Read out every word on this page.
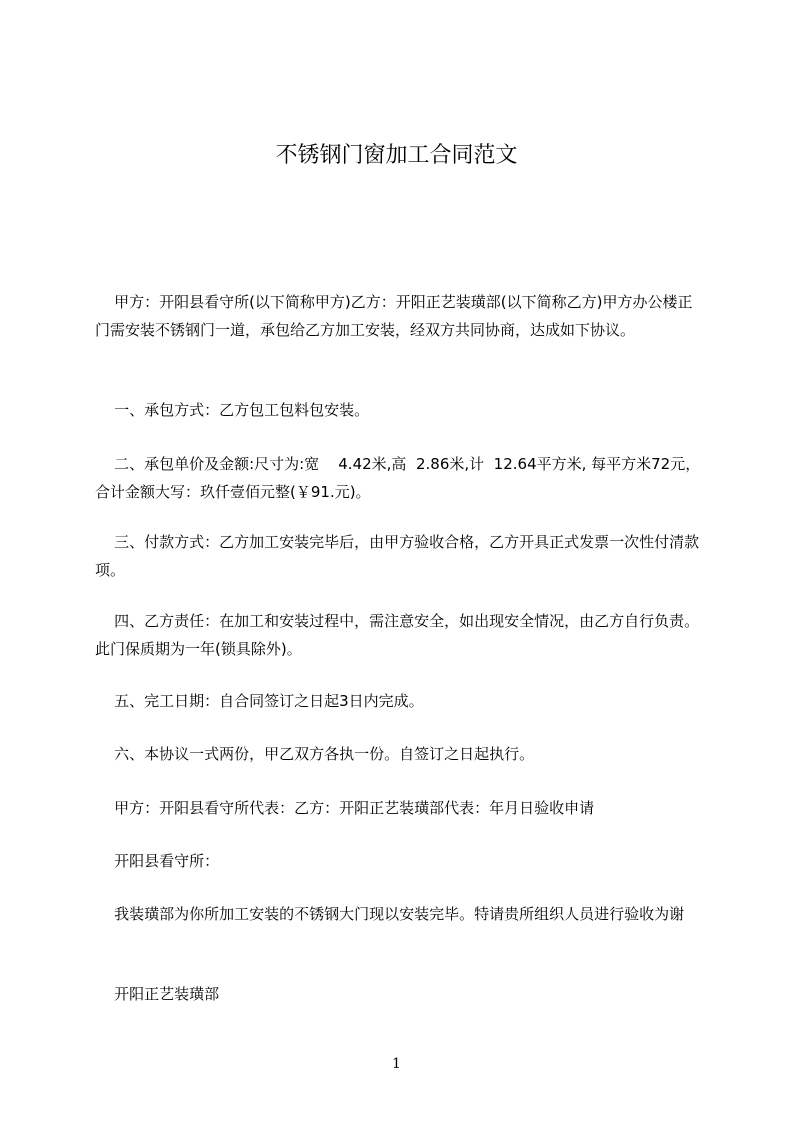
不锈钢门窗加工合同范文

甲方：开阳县看守所(以下简称甲方)乙方：开阳正艺装璜部(以下简称乙方)甲方办公楼正门需安装不锈钢门一道，承包给乙方加工安装，经双方共同协商，达成如下协议。

一、承包方式：乙方包工包料包安装。

二、承包单价及金额:尺寸为:宽    4.42米,高  2.86米,计  12.64平方米, 每平方米72元，合计金额大写：玖仟壹佰元整(￥91.元)。

三、付款方式：乙方加工安装完毕后，由甲方验收合格，乙方开具正式发票一次性付清款项。

四、乙方责任：在加工和安装过程中，需注意安全，如出现安全情况，由乙方自行负责。此门保质期为一年(锁具除外)。

五、完工日期：自合同签订之日起3日内完成。

六、本协议一式两份，甲乙双方各执一份。自签订之日起执行。

甲方：开阳县看守所代表：乙方：开阳正艺装璜部代表：年月日验收申请

开阳县看守所：

我装璜部为你所加工安装的不锈钢大门现以安装完毕。特请贵所组织人员进行验收为谢

开阳正艺装璜部

1
